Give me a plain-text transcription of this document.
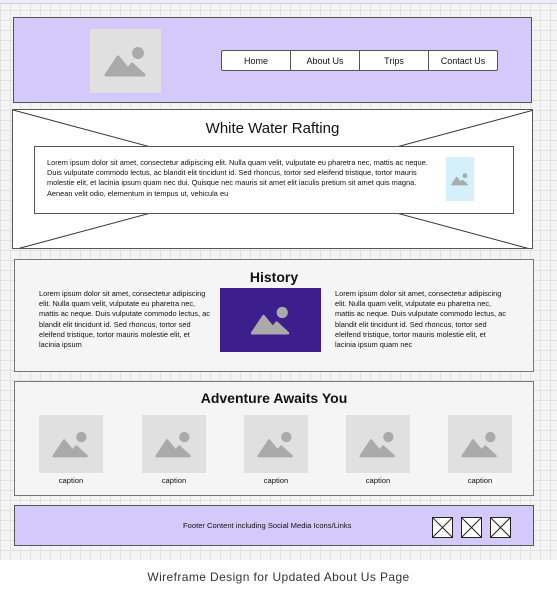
Home	About Us	Trips	Contact Us
White Water Rafting
Lorem ipsum dolor sit amet, consectetur adipiscing elit. Nulla quam velit, vulputate eu pharetra nec, mattis ac neque. Duis vulputate commodo lectus, ac blandit elit tincidunt id. Sed rhoncus, tortor sed eleifend tristique, tortor mauris molestie elit, et lacinia ipsum quam nec dui. Quisque nec mauris sit amet elit iaculis pretium sit amet quis magna. Aenean velit odio, elementum in tempus ut, vehicula eu
History
Lorem ipsum dolor sit amet, consectetur adipiscing elit. Nulla quam velit, vulputate eu pharetra nec, mattis ac neque. Duis vulputate commodo lectus, ac blandit elit tincidunt id. Sed rhoncus, tortor sed eleifend tristique, tortor mauris molestie elit, et lacinia ipsum
Lorem ipsum dolor sit amet, consectetur adipiscing elit. Nulla quam velit, vulputate eu pharetra nec, mattis ac neque. Duis vulputate commodo lectus, ac blandit elit tincidunt id. Sed rhoncus, tortor sed eleifend tristique, tortor mauris molestie elit, et lacinia ipsum quam nec
Adventure Awaits You
caption	caption	caption	caption	caption
Footer Content including Social Media Icons/Links
Wireframe Design for Updated About Us Page
